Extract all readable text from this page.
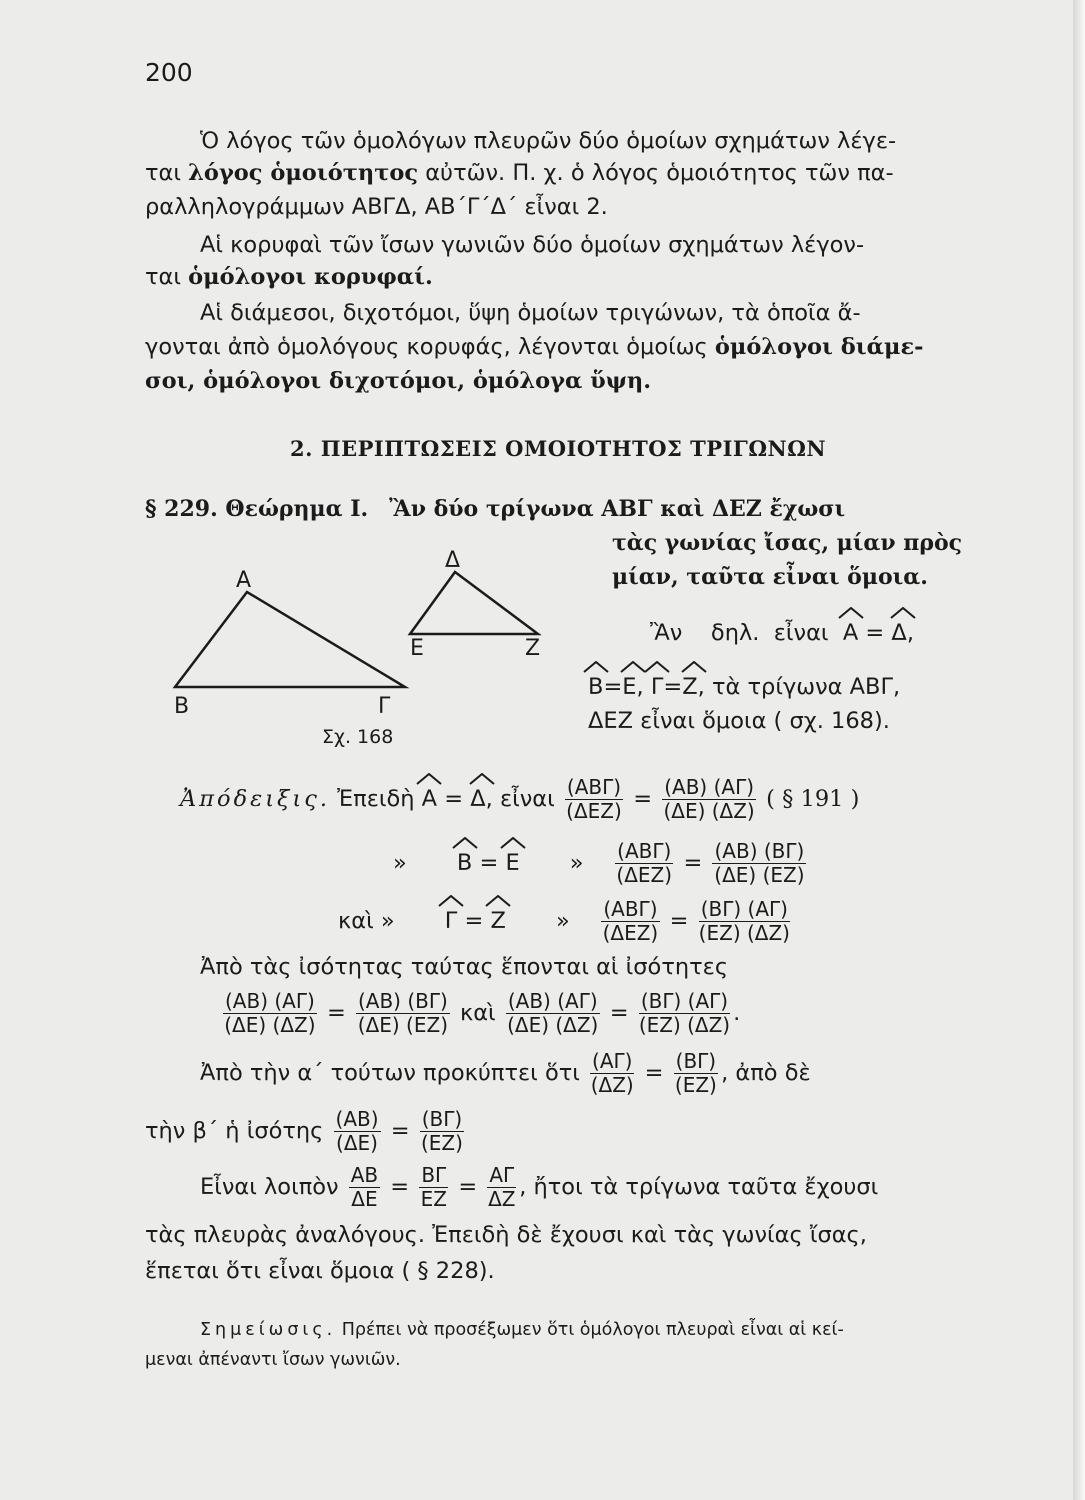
200
Ὁ λόγος τῶν ὁμολόγων πλευρῶν δύο ὁμοίων σχημάτων λέγε-
ται λόγος ὁμοιότητος αὐτῶν. Π. χ. ὁ λόγος ὁμοιότητος τῶν πα-
ραλληλογράμμων ΑΒΓΔ, ΑΒ΄Γ΄Δ΄ εἶναι 2.
Αἱ κορυφαὶ τῶν ἴσων γωνιῶν δύο ὁμοίων σχημάτων λέγον-
ται ὁμόλογοι κορυφαί.
Αἱ διάμεσοι, διχοτόμοι, ὕψη ὁμοίων τριγώνων, τὰ ὁποῖα ἄ-
γονται ἀπὸ ὁμολόγους κορυφάς, λέγονται ὁμοίως ὁμόλογοι διάμε-
σοι, ὁμόλογοι διχοτόμοι, ὁμόλογα ὕψη.
2. ΠΕΡΙΠΤΩΣΕΙΣ ΟΜΟΙΟΤΗΤΟΣ ΤΡΙΓΩΝΩΝ
§ 229. Θεώρημα I. Ἂν δύο τρίγωνα ΑΒΓ καὶ ΔΕΖ ἔχωσι
τὰς γωνίας ἴσας, μίαν πρὸς
μίαν, ταῦτα εἶναι ὅμοια.
A
B	Γ
Δ
E	Z
Σχ. 168
Ἂν δηλ. εἶναι Α = Δ,
Β=
Ε, Γ=
Ζ, τὰ τρίγωνα ΑΒΓ,
ΔΕΖ εἶναι ὅμοια ( σχ. 168).
Ἀπόδειξις. Ἐπειδὴ Α = Δ, εἶναι $\frac{\text{(ΑΒΓ)}}{\text{(ΔΕΖ)}} = \frac{(AB) (A\Gamma)}{(\Delta E) (\Delta Z)}$ ( § 191 )
» Β = Ε » $\frac{\text{(ΑΒΓ)}}{\text{(ΔΕΖ)}} = \frac{(AB) (B\Gamma)}{(\Delta E) (EZ)}$
καὶ » Γ = Ζ » $\frac{\text{(ΑΒΓ)}}{\text{(ΔΕΖ)}} = \frac{(B\Gamma) (A\Gamma)}{(EZ) (\Delta Z)}$
Ἀπὸ τὰς ἰσότητας ταύτας ἕπονται αἱ ἰσότητες
$\frac{(AB) (A\Gamma)}{(\Delta E) (\Delta Z)} = \frac{(AB) (B\Gamma)}{(\Delta E) (EZ)}$ καὶ $\frac{(AB) (A\Gamma)}{(\Delta E) (\Delta Z)} = \frac{(B\Gamma) (A\Gamma)}{(EZ) (\Delta Z)}$ .
Ἀπὸ τὴν α΄ τούτων προκύπτει ὅτι $\frac{(A\Gamma)}{(\Delta Z)} = \frac{(B\Gamma)}{(EZ)}$ , ἀπὸ δὲ
τὴν β΄ ἡ ἰσότης $\frac{(AB)}{(\Delta E)} = \frac{(B\Gamma)}{(EZ)}$
Εἶναι λοιπὸν $\frac{AB}{\Delta E} = \frac{B\Gamma}{EZ} = \frac{A\Gamma}{\Delta Z}$ , ἤτοι τὰ τρίγωνα ταῦτα ἔχουσι
τὰς πλευρὰς ἀναλόγους. Ἐπειδὴ δὲ ἔχουσι καὶ τὰς γωνίας ἴσας,
ἕπεται ὅτι εἶναι ὅμοια ( § 228).
Σημείωσις. Πρέπει νὰ προσέξωμεν ὅτι ὁμόλογοι πλευραὶ εἶναι αἱ κεί-
μεναι ἀπέναντι ἴσων γωνιῶν.
